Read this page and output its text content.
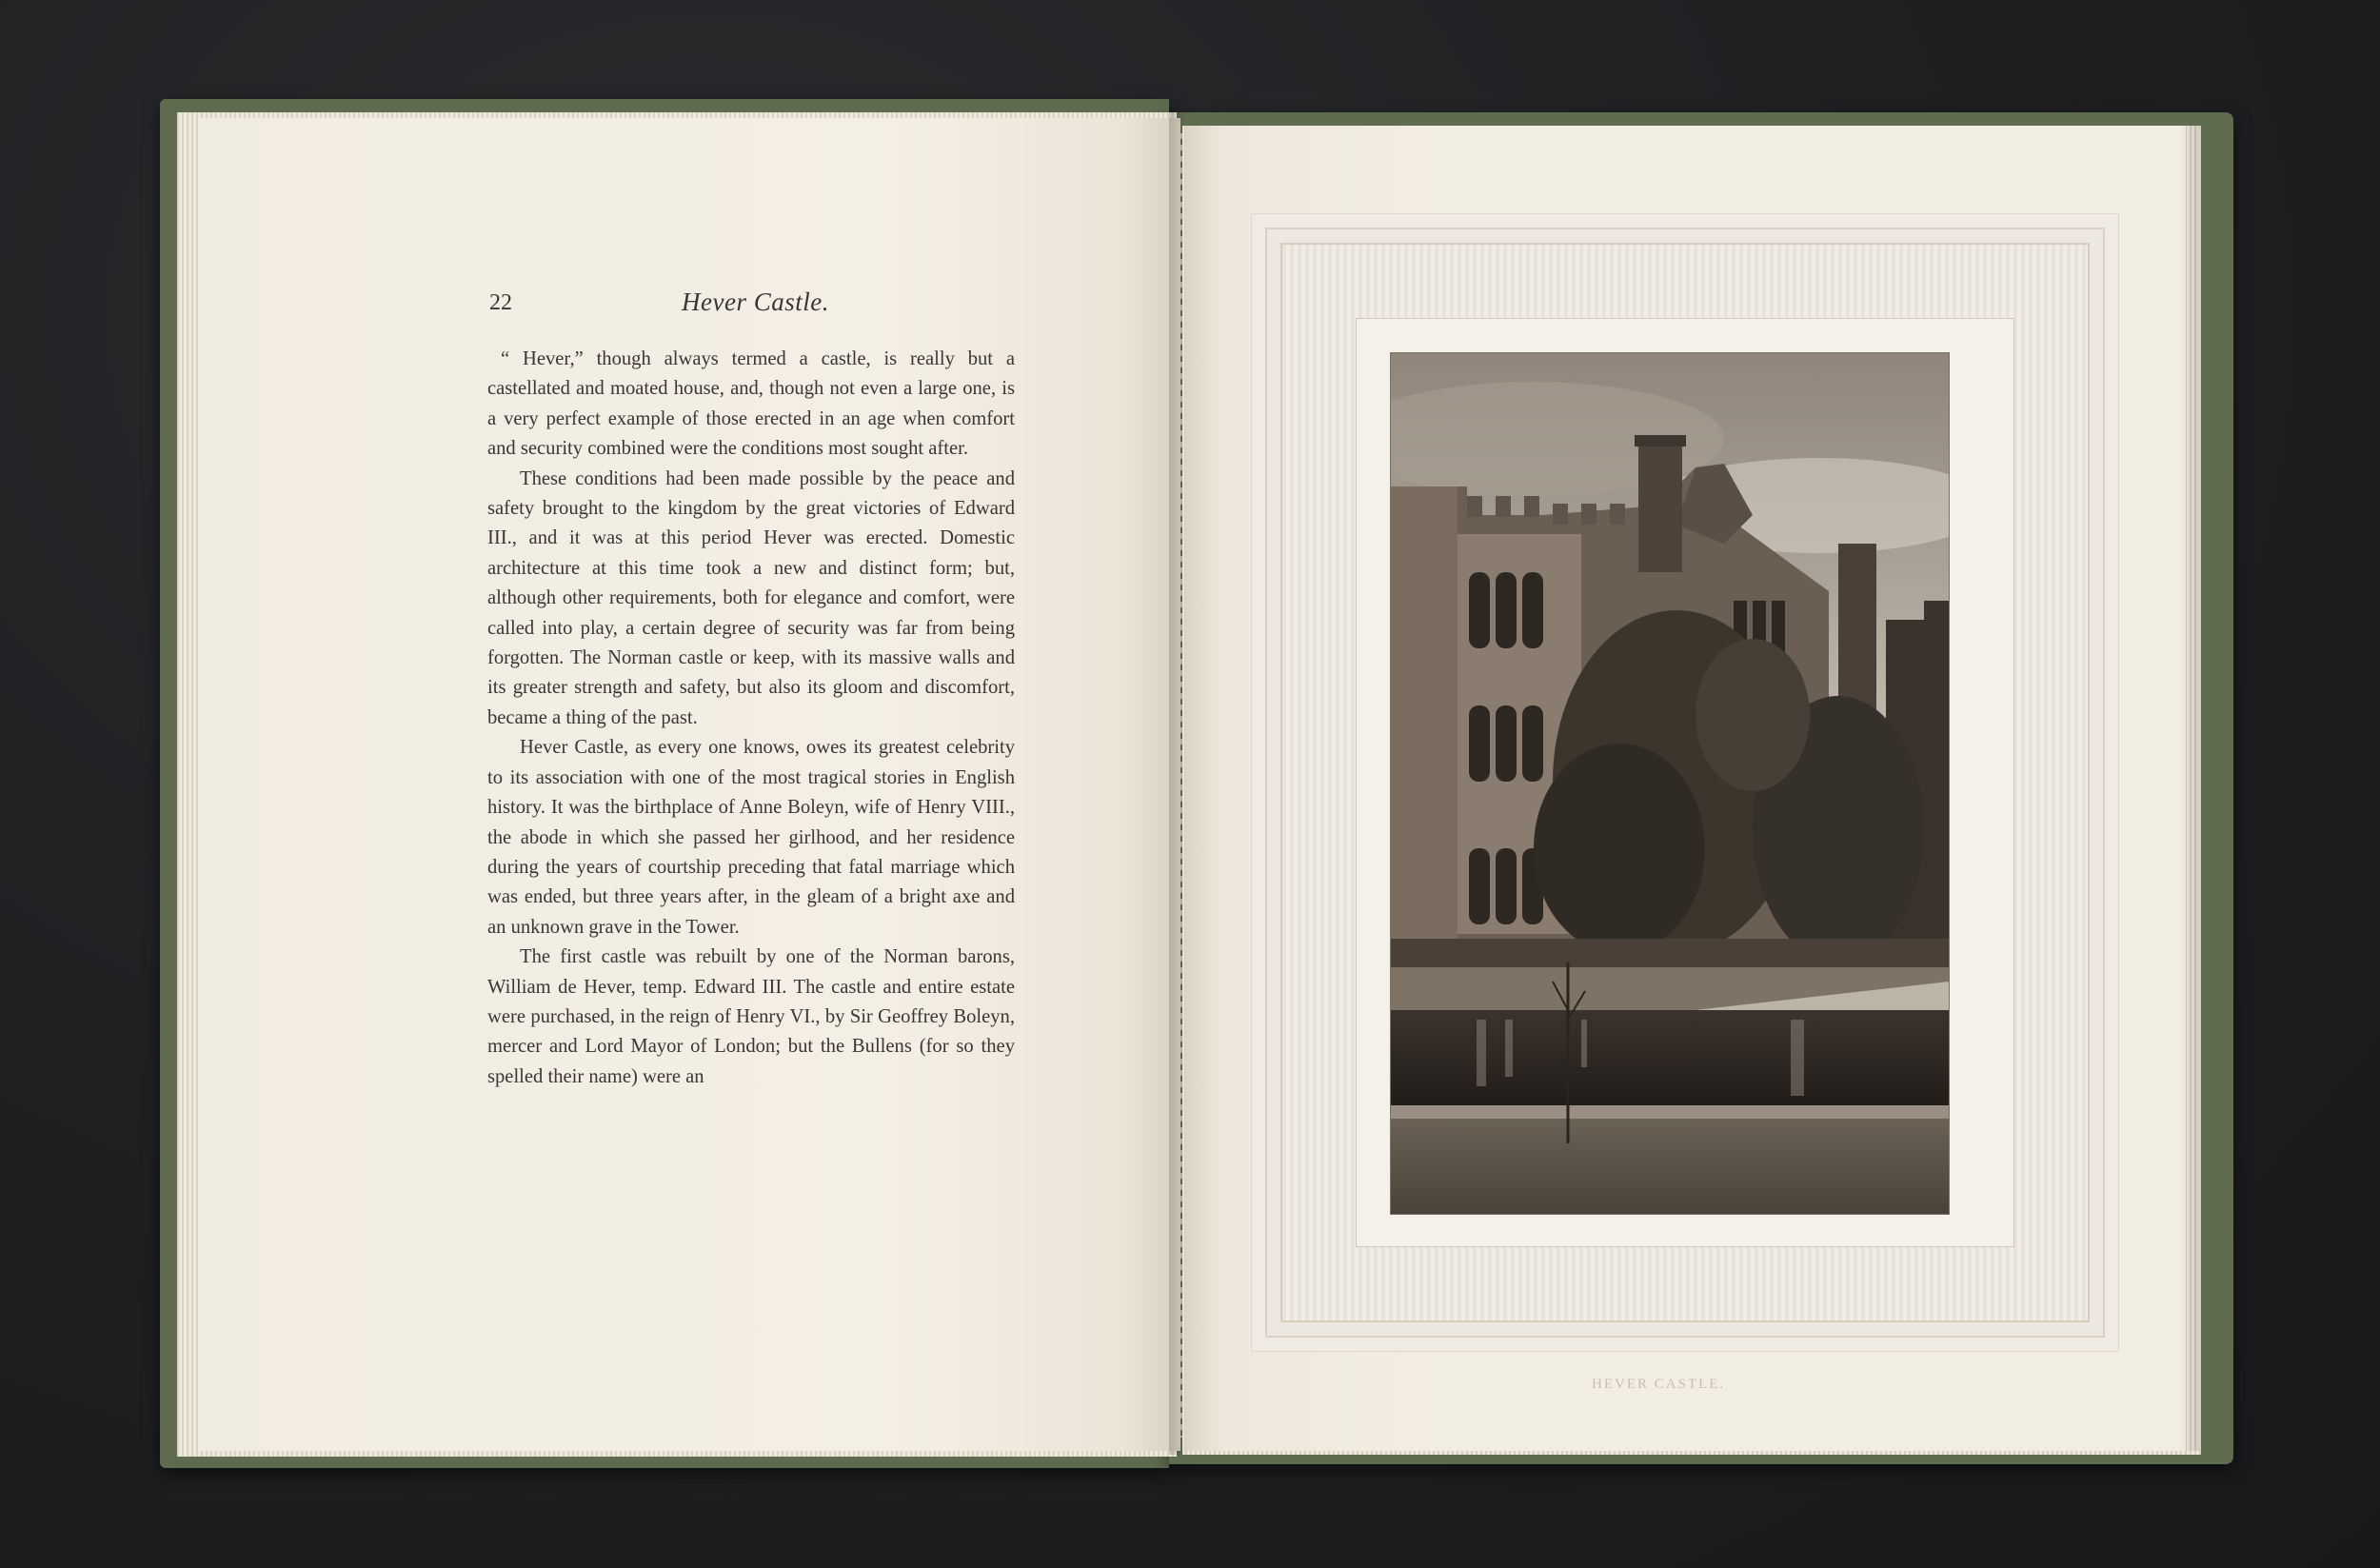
22	Hever Castle.

“ Hever,” though always termed a castle, is really but a castellated and moated house, and, though not even a large one, is a very perfect example of those erected in an age when comfort and security combined were the conditions most sought after.

These conditions had been made possible by the peace and safety brought to the kingdom by the great victories of Edward III., and it was at this period Hever was erected. Domestic architecture at this time took a new and distinct form; but, although other requirements, both for elegance and comfort, were called into play, a certain degree of security was far from being forgotten. The Norman castle or keep, with its massive walls and its greater strength and safety, but also its gloom and discomfort, became a thing of the past.

Hever Castle, as every one knows, owes its greatest celebrity to its association with one of the most tragical stories in English history. It was the birthplace of Anne Boleyn, wife of Henry VIII., the abode in which she passed her girlhood, and her residence during the years of courtship preceding that fatal marriage which was ended, but three years after, in the gleam of a bright axe and an unknown grave in the Tower.

The first castle was rebuilt by one of the Norman barons, William de Hever, temp. Edward III. The castle and entire estate were purchased, in the reign of Henry VI., by Sir Geoffrey Boleyn, mercer and Lord Mayor of London; but the Bullens (for so they spelled their name) were an

HEVER CASTLE.
